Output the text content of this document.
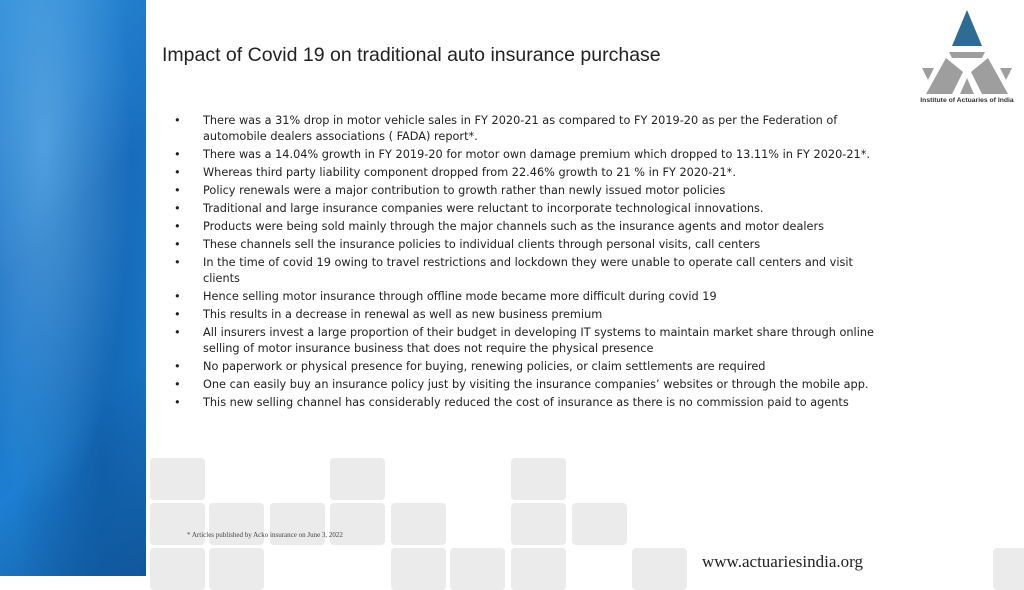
Impact of Covid 19 on traditional auto insurance purchase
Institute of Actuaries of India
• There was a 31% drop in motor vehicle sales in FY 2020-21 as compared to FY 2019-20 as per the Federation of automobile dealers associations ( FADA) report*.
• There was a 14.04% growth in FY 2019-20 for motor own damage premium which dropped to 13.11% in FY 2020-21*.
• Whereas third party liability component dropped from 22.46% growth to 21 % in FY 2020-21*.
• Policy renewals were a major contribution to growth rather than newly issued motor policies
• Traditional and large insurance companies were reluctant to incorporate technological innovations.
• Products were being sold mainly through the major channels such as the insurance agents and motor dealers
• These channels sell the insurance policies to individual clients through personal visits, call centers
• In the time of covid 19 owing to travel restrictions and lockdown they were unable to operate call centers and visit clients
• Hence selling motor insurance through offline mode became more difficult during covid 19
• This results in a decrease in renewal as well as new business premium
• All insurers invest a large proportion of their budget in developing IT systems to maintain market share through online selling of motor insurance business that does not require the physical presence
• No paperwork or physical presence for buying, renewing policies, or claim settlements are required
• One can easily buy an insurance policy just by visiting the insurance companies’ websites or through the mobile app.
• This new selling channel has considerably reduced the cost of insurance as there is no commission paid to agents
* Articles published by Acko insurance on June 3, 2022
www.actuariesindia.org
